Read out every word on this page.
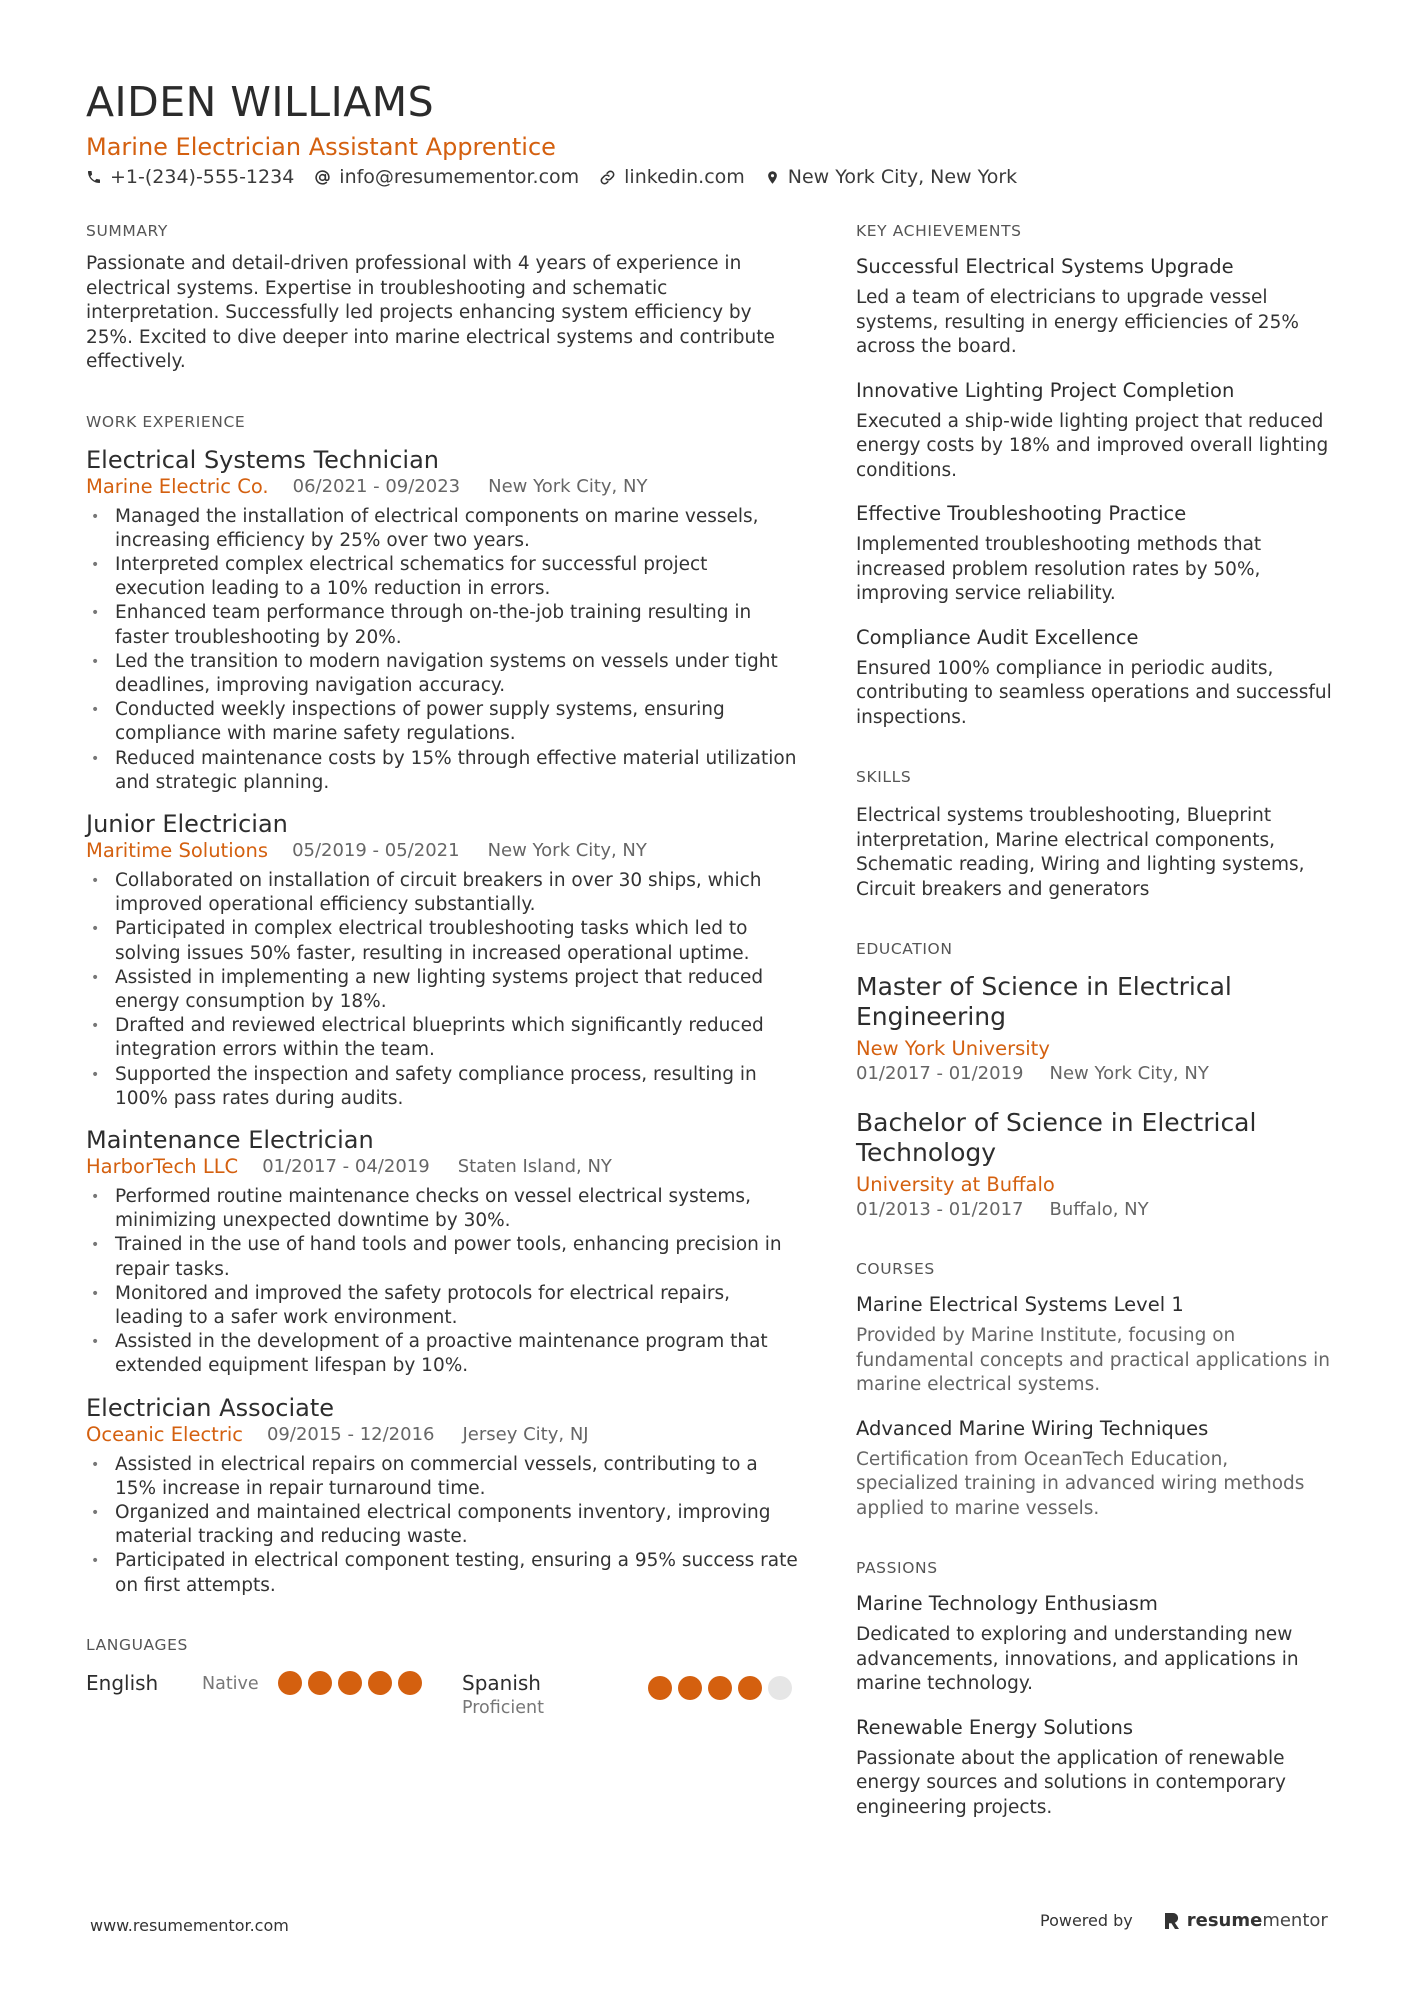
AIDEN WILLIAMS
Marine Electrician Assistant Apprentice
+1-(234)-555-1234 info@resumementor.com linkedin.com New York City, New York
SUMMARY
Passionate and detail-driven professional with 4 years of experience in electrical systems. Expertise in troubleshooting and schematic interpretation. Successfully led projects enhancing system efficiency by 25%. Excited to dive deeper into marine electrical systems and contribute effectively.
WORK EXPERIENCE
Electrical Systems Technician
Marine Electric Co. 06/2021 - 09/2023 New York City, NY
• Managed the installation of electrical components on marine vessels, increasing efficiency by 25% over two years.
• Interpreted complex electrical schematics for successful project execution leading to a 10% reduction in errors.
• Enhanced team performance through on-the-job training resulting in faster troubleshooting by 20%.
• Led the transition to modern navigation systems on vessels under tight deadlines, improving navigation accuracy.
• Conducted weekly inspections of power supply systems, ensuring compliance with marine safety regulations.
• Reduced maintenance costs by 15% through effective material utilization and strategic planning.
Junior Electrician
Maritime Solutions 05/2019 - 05/2021 New York City, NY
• Collaborated on installation of circuit breakers in over 30 ships, which improved operational efficiency substantially.
• Participated in complex electrical troubleshooting tasks which led to solving issues 50% faster, resulting in increased operational uptime.
• Assisted in implementing a new lighting systems project that reduced energy consumption by 18%.
• Drafted and reviewed electrical blueprints which significantly reduced integration errors within the team.
• Supported the inspection and safety compliance process, resulting in 100% pass rates during audits.
Maintenance Electrician
HarborTech LLC 01/2017 - 04/2019 Staten Island, NY
• Performed routine maintenance checks on vessel electrical systems, minimizing unexpected downtime by 30%.
• Trained in the use of hand tools and power tools, enhancing precision in repair tasks.
• Monitored and improved the safety protocols for electrical repairs, leading to a safer work environment.
• Assisted in the development of a proactive maintenance program that extended equipment lifespan by 10%.
Electrician Associate
Oceanic Electric 09/2015 - 12/2016 Jersey City, NJ
• Assisted in electrical repairs on commercial vessels, contributing to a 15% increase in repair turnaround time.
• Organized and maintained electrical components inventory, improving material tracking and reducing waste.
• Participated in electrical component testing, ensuring a 95% success rate on first attempts.
LANGUAGES
English	Native	Spanish
Proficient
KEY ACHIEVEMENTS
Successful Electrical Systems Upgrade
Led a team of electricians to upgrade vessel systems, resulting in energy efficiencies of 25% across the board.
Innovative Lighting Project Completion
Executed a ship-wide lighting project that reduced energy costs by 18% and improved overall lighting conditions.
Effective Troubleshooting Practice
Implemented troubleshooting methods that increased problem resolution rates by 50%, improving service reliability.
Compliance Audit Excellence
Ensured 100% compliance in periodic audits, contributing to seamless operations and successful inspections.
SKILLS
Electrical systems troubleshooting, Blueprint interpretation, Marine electrical components, Schematic reading, Wiring and lighting systems, Circuit breakers and generators
EDUCATION
Master of Science in Electrical Engineering
New York University
01/2017 - 01/2019 New York City, NY
Bachelor of Science in Electrical Technology
University at Buffalo
01/2013 - 01/2017 Buffalo, NY
COURSES
Marine Electrical Systems Level 1
Provided by Marine Institute, focusing on fundamental concepts and practical applications in marine electrical systems.
Advanced Marine Wiring Techniques
Certification from OceanTech Education, specialized training in advanced wiring methods applied to marine vessels.
PASSIONS
Marine Technology Enthusiasm
Dedicated to exploring and understanding new advancements, innovations, and applications in marine technology.
Renewable Energy Solutions
Passionate about the application of renewable energy sources and solutions in contemporary engineering projects.
www.resumementor.com	Powered by	resume mentor
